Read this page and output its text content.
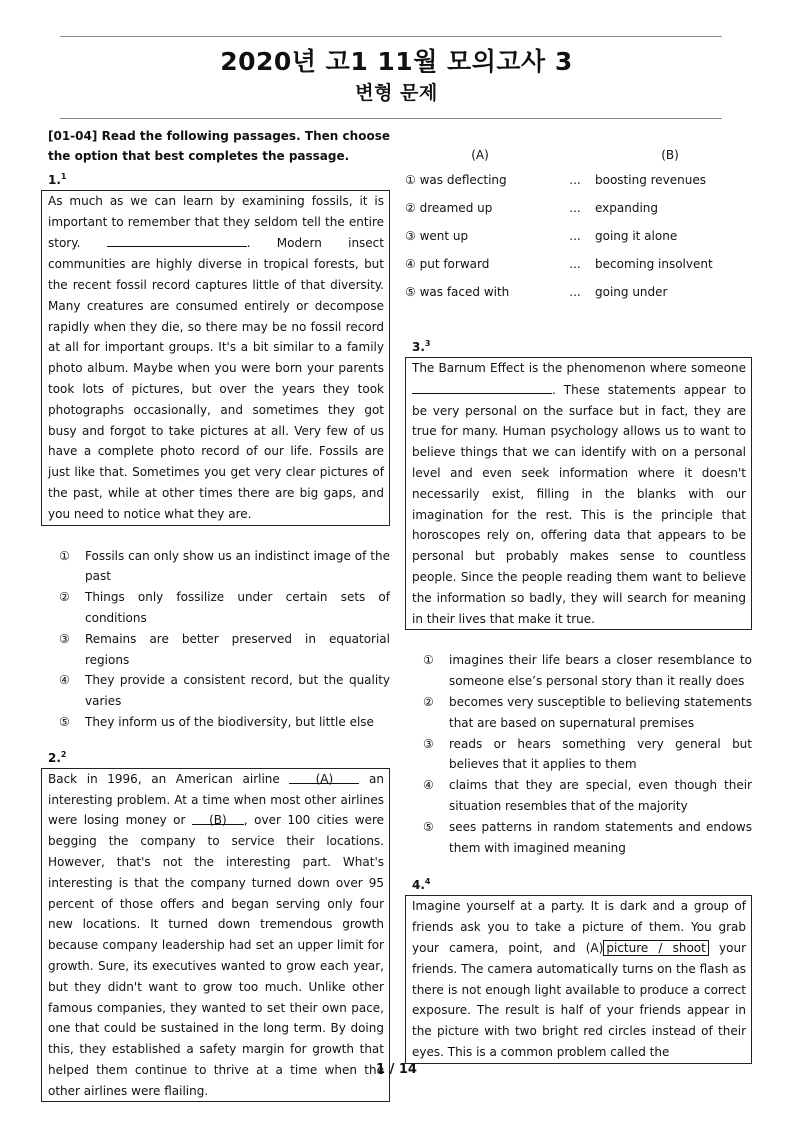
2020년 고1 11월 모의고사 3
변형 문제

[01-04] Read the following passages. Then choose the option that best completes the passage.

1.$^1$

As much as we can learn by examining fossils, it is important to remember that they seldom tell the entire story.	. Modern insect communities are highly diverse in tropical forests, but the recent fossil record captures little of that diversity. Many creatures are consumed entirely or decompose rapidly when they die, so there may be no fossil record at all for important groups. It's a bit similar to a family photo album. Maybe when you were born your parents took lots of pictures, but over the years they took photographs occasionally, and sometimes they got busy and forgot to take pictures at all. Very few of us have a complete photo record of our life. Fossils are just like that. Sometimes you get very clear pictures of the past, while at other times there are big gaps, and you need to notice what they are.
① Fossils can only show us an indistinct image of the past
② Things only fossilize under certain sets of conditions
③ Remains are better preserved in equatorial regions
④ They provide a consistent record, but the quality varies
⑤ They inform us of the biodiversity, but little else

2.$^2$

Back in 1996, an American airline	(A)	an interesting problem. At a time when most other airlines were losing money or (B) , over 100 cities were begging the company to service their locations. However, that's not the interesting part. What's interesting is that the company turned down over 95 percent of those offers and began serving only four new locations. It turned down tremendous growth because company leadership had set an upper limit for growth. Sure, its executives wanted to grow each year, but they didn't want to grow too much. Unlike other famous companies, they wanted to set their own pace, one that could be sustained in the long term. By doing this, they established a safety margin for growth that helped them continue to thrive at a time when the other airlines were flailing.
(A)		(B)
① was deflecting	...	boosting revenues
② dreamed up	...	expanding
③ went up	...	going it alone
④ put forward	...	becoming insolvent
⑤ was faced with	...	going under

3.$^3$

The Barnum Effect is the phenomenon where someone . These statements appear to be very personal on the surface but in fact, they are true for many. Human psychology allows us to want to believe things that we can identify with on a personal level and even seek information where it doesn't necessarily exist, filling in the blanks with our imagination for the rest. This is the principle that horoscopes rely on, offering data that appears to be personal but probably makes sense to countless people. Since the people reading them want to believe the information so badly, they will search for meaning in their lives that make it true.
① imagines their life bears a closer resemblance to someone else’s personal story than it really does
② becomes very susceptible to believing statements that are based on supernatural premises
③ reads or hears something very general but believes that it applies to them
④ claims that they are special, even though their situation resembles that of the majority
⑤ sees patterns in random statements and endows them with imagined meaning

4.$^4$

Imagine yourself at a party. It is dark and a group of friends ask you to take a picture of them. You grab your camera, point, and (A) picture / shoot your friends. The camera automatically turns on the flash as there is not enough light available to produce a correct exposure. The result is half of your friends appear in the picture with two bright red circles instead of their eyes. This is a common problem called the
1 / 14
